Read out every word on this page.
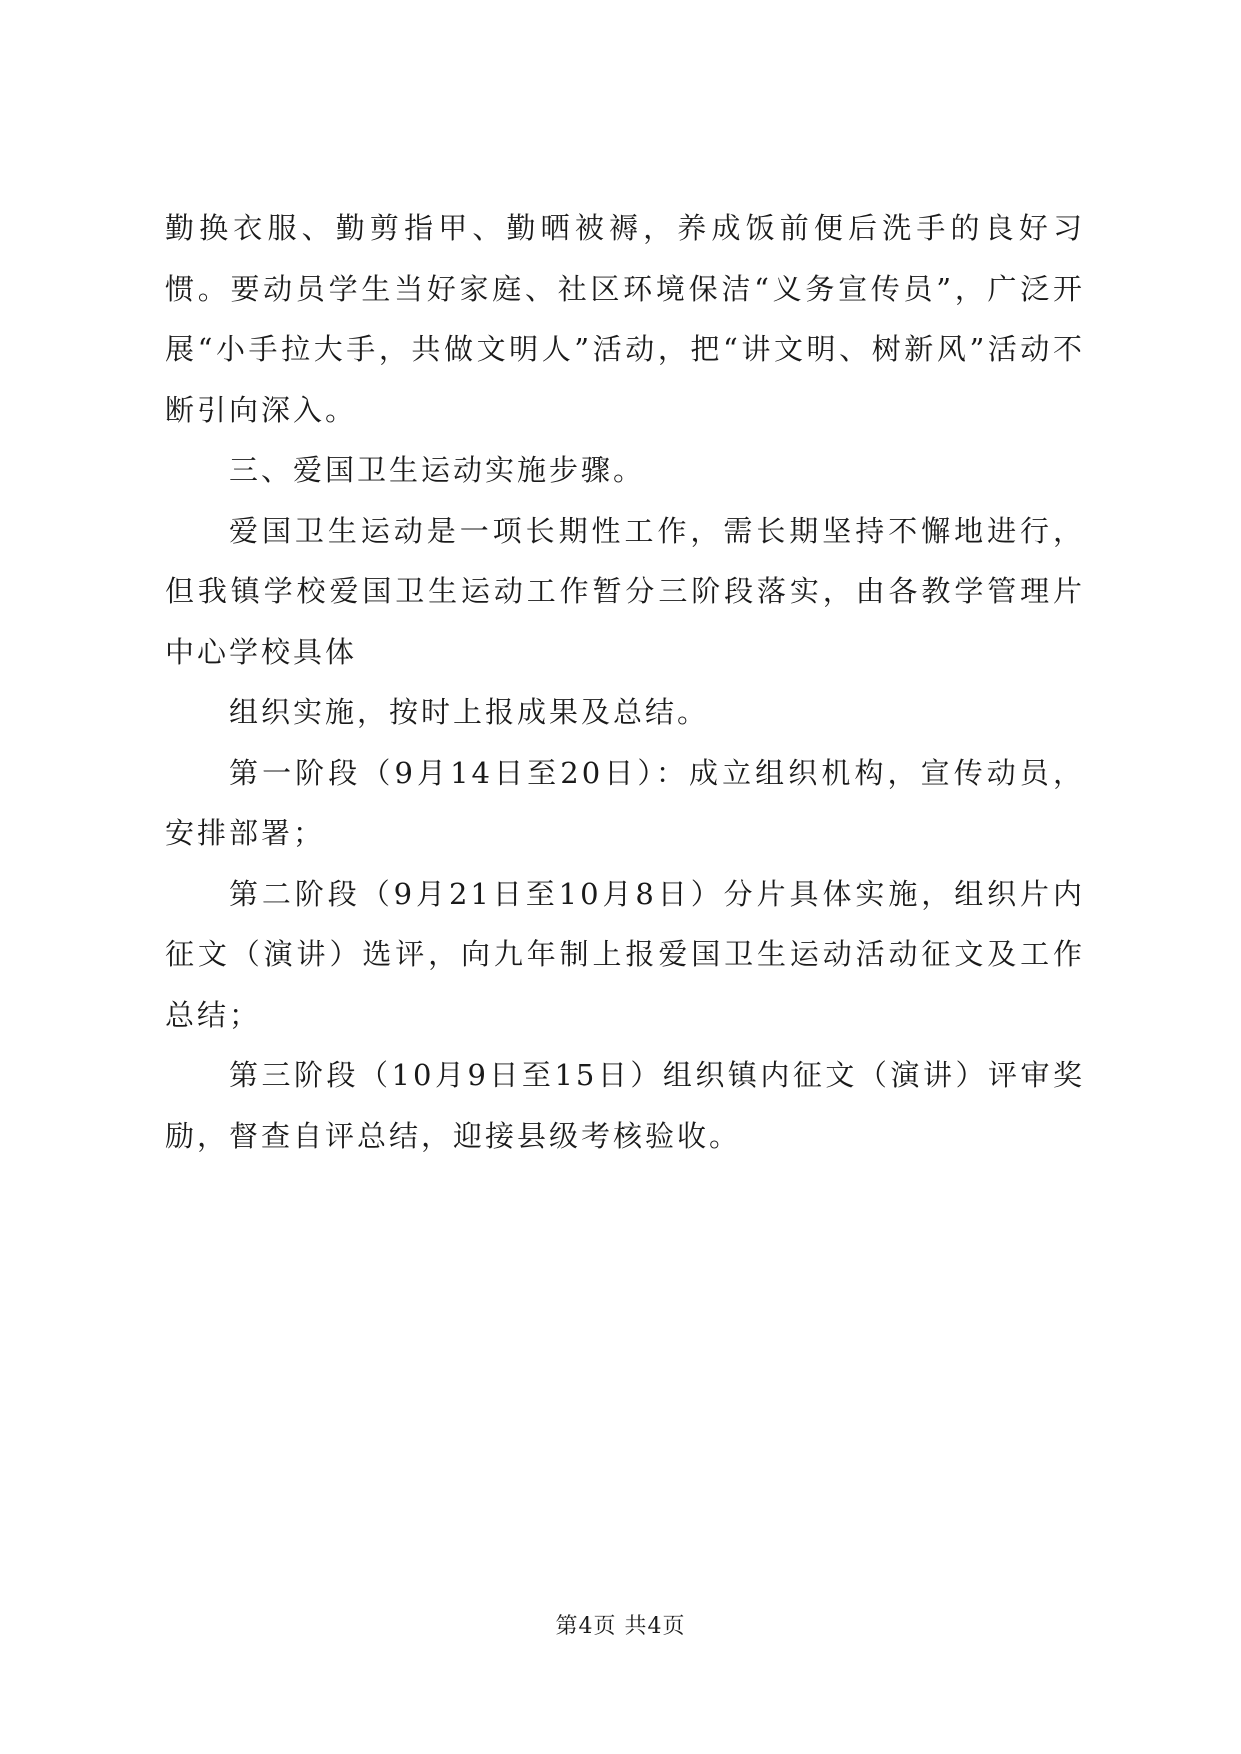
勤换衣服、勤剪指甲、勤晒被褥，养成饭前便后洗手的良好习惯。要动员学生当好家庭、社区环境保洁“义务宣传员”，广泛开展“小手拉大手，共做文明人”活动，把“讲文明、树新风”活动不断引向深入。

三、爱国卫生运动实施步骤。

爱国卫生运动是一项长期性工作，需长期坚持不懈地进行，但我镇学校爱国卫生运动工作暂分三阶段落实，由各教学管理片中心学校具体

组织实施，按时上报成果及总结。

第一阶段（9月14日至20日）：成立组织机构，宣传动员，安排部署；

第二阶段（9月21日至10月8日）分片具体实施，组织片内征文（演讲）选评，向九年制上报爱国卫生运动活动征文及工作总结；

第三阶段（10月9日至15日）组织镇内征文（演讲）评审奖励，督查自评总结，迎接县级考核验收。

第4页 共4页
